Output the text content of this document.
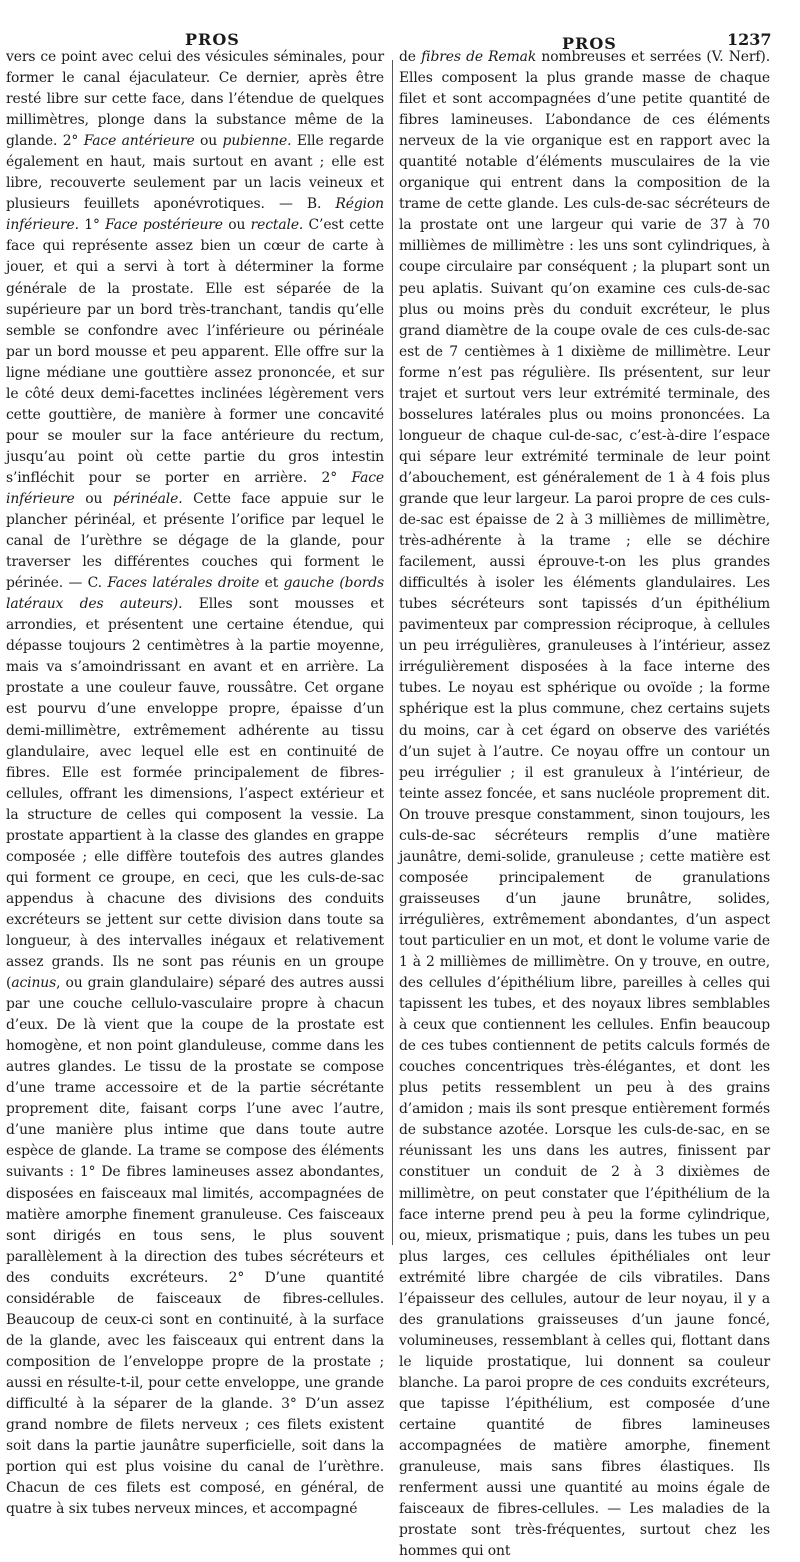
PROS	PROS	1237

vers ce point avec celui des vésicules séminales, pour former le canal éjaculateur. Ce dernier, après être resté libre sur cette face, dans l’étendue de quelques millimètres, plonge dans la substance même de la glande. 2° Face antérieure ou pubienne. Elle regarde également en haut, mais surtout en avant ; elle est libre, recouverte seulement par un lacis veineux et plusieurs feuillets aponévrotiques. — B. Région inférieure. 1° Face postérieure ou rectale. C’est cette face qui représente assez bien un cœur de carte à jouer, et qui a servi à tort à déterminer la forme générale de la prostate. Elle est séparée de la supérieure par un bord très-tranchant, tandis qu’elle semble se confondre avec l’inférieure ou périnéale par un bord mousse et peu apparent. Elle offre sur la ligne médiane une gouttière assez prononcée, et sur le côté deux demi-facettes inclinées légèrement vers cette gouttière, de manière à former une concavité pour se mouler sur la face antérieure du rectum, jusqu’au point où cette partie du gros intestin s’infléchit pour se porter en arrière. 2° Face inférieure ou périnéale. Cette face appuie sur le plancher périnéal, et présente l’orifice par lequel le canal de l’urèthre se dégage de la glande, pour traverser les différentes couches qui forment le périnée. — C. Faces latérales droite et gauche (bords latéraux des auteurs). Elles sont mousses et arrondies, et présentent une certaine étendue, qui dépasse toujours 2 centimètres à la partie moyenne, mais va s’amoindrissant en avant et en arrière. La prostate a une couleur fauve, roussâtre. Cet organe est pourvu d’une enveloppe propre, épaisse d’un demi-millimètre, extrêmement adhérente au tissu glandulaire, avec lequel elle est en continuité de fibres. Elle est formée principalement de fibres-cellules, offrant les dimensions, l’aspect extérieur et la structure de celles qui composent la vessie. La prostate appartient à la classe des glandes en grappe composée ; elle diffère toutefois des autres glandes qui forment ce groupe, en ceci, que les culs-de-sac appendus à chacune des divisions des conduits excréteurs se jettent sur cette division dans toute sa longueur, à des intervalles inégaux et relativement assez grands. Ils ne sont pas réunis en un groupe (acinus, ou grain glandulaire) séparé des autres aussi par une couche cellulo-vasculaire propre à chacun d’eux. De là vient que la coupe de la prostate est homogène, et non point glanduleuse, comme dans les autres glandes. Le tissu de la prostate se compose d’une trame accessoire et de la partie sécrétante proprement dite, faisant corps l’une avec l’autre, d’une manière plus intime que dans toute autre espèce de glande. La trame se compose des éléments suivants : 1° De fibres lamineuses assez abondantes, disposées en faisceaux mal limités, accompagnées de matière amorphe finement granuleuse. Ces faisceaux sont dirigés en tous sens, le plus souvent parallèlement à la direction des tubes sécréteurs et des conduits excréteurs. 2° D’une quantité considérable de faisceaux de fibres-cellules. Beaucoup de ceux-ci sont en continuité, à la surface de la glande, avec les faisceaux qui entrent dans la composition de l’enveloppe propre de la prostate ; aussi en résulte-t-il, pour cette enveloppe, une grande difficulté à la séparer de la glande. 3° D’un assez grand nombre de filets nerveux ; ces filets existent soit dans la partie jaunâtre superficielle, soit dans la portion qui est plus voisine du canal de l’urèthre. Chacun de ces filets est composé, en général, de quatre à six tubes nerveux minces, et accompagné

de fibres de Remak nombreuses et serrées (V. Nerf). Elles composent la plus grande masse de chaque filet et sont accompagnées d’une petite quantité de fibres lamineuses. L’abondance de ces éléments nerveux de la vie organique est en rapport avec la quantité notable d’éléments musculaires de la vie organique qui entrent dans la composition de la trame de cette glande. Les culs-de-sac sécréteurs de la prostate ont une largeur qui varie de 37 à 70 millièmes de millimètre : les uns sont cylindriques, à coupe circulaire par conséquent ; la plupart sont un peu aplatis. Suivant qu’on examine ces culs-de-sac plus ou moins près du conduit excréteur, le plus grand diamètre de la coupe ovale de ces culs-de-sac est de 7 centièmes à 1 dixième de millimètre. Leur forme n’est pas régulière. Ils présentent, sur leur trajet et surtout vers leur extrémité terminale, des bosselures latérales plus ou moins prononcées. La longueur de chaque cul-de-sac, c’est-à-dire l’espace qui sépare leur extrémité terminale de leur point d’abouchement, est généralement de 1 à 4 fois plus grande que leur largeur. La paroi propre de ces culs-de-sac est épaisse de 2 à 3 millièmes de millimètre, très-adhérente à la trame ; elle se déchire facilement, aussi éprouve-t-on les plus grandes difficultés à isoler les éléments glandulaires. Les tubes sécréteurs sont tapissés d’un épithélium pavimenteux par compression réciproque, à cellules un peu irrégulières, granuleuses à l’intérieur, assez irrégulièrement disposées à la face interne des tubes. Le noyau est sphérique ou ovoïde ; la forme sphérique est la plus commune, chez certains sujets du moins, car à cet égard on observe des variétés d’un sujet à l’autre. Ce noyau offre un contour un peu irrégulier ; il est granuleux à l’intérieur, de teinte assez foncée, et sans nucléole proprement dit. On trouve presque constamment, sinon toujours, les culs-de-sac sécréteurs remplis d’une matière jaunâtre, demi-solide, granuleuse ; cette matière est composée principalement de granulations graisseuses d’un jaune brunâtre, solides, irrégulières, extrêmement abondantes, d’un aspect tout particulier en un mot, et dont le volume varie de 1 à 2 millièmes de millimètre. On y trouve, en outre, des cellules d’épithélium libre, pareilles à celles qui tapissent les tubes, et des noyaux libres semblables à ceux que contiennent les cellules. Enfin beaucoup de ces tubes contiennent de petits calculs formés de couches concentriques très-élégantes, et dont les plus petits ressemblent un peu à des grains d’amidon ; mais ils sont presque entièrement formés de substance azotée. Lorsque les culs-de-sac, en se réunissant les uns dans les autres, finissent par constituer un conduit de 2 à 3 dixièmes de millimètre, on peut constater que l’épithélium de la face interne prend peu à peu la forme cylindrique, ou, mieux, prismatique ; puis, dans les tubes un peu plus larges, ces cellules épithéliales ont leur extrémité libre chargée de cils vibratiles. Dans l’épaisseur des cellules, autour de leur noyau, il y a des granulations graisseuses d’un jaune foncé, volumineuses, ressemblant à celles qui, flottant dans le liquide prostatique, lui donnent sa couleur blanche. La paroi propre de ces conduits excréteurs, que tapisse l’épithélium, est composée d’une certaine quantité de fibres lamineuses accompagnées de matière amorphe, finement granuleuse, mais sans fibres élastiques. Ils renferment aussi une quantité au moins égale de faisceaux de fibres-cellules. — Les maladies de la prostate sont très-fréquentes, surtout chez les hommes qui ont
